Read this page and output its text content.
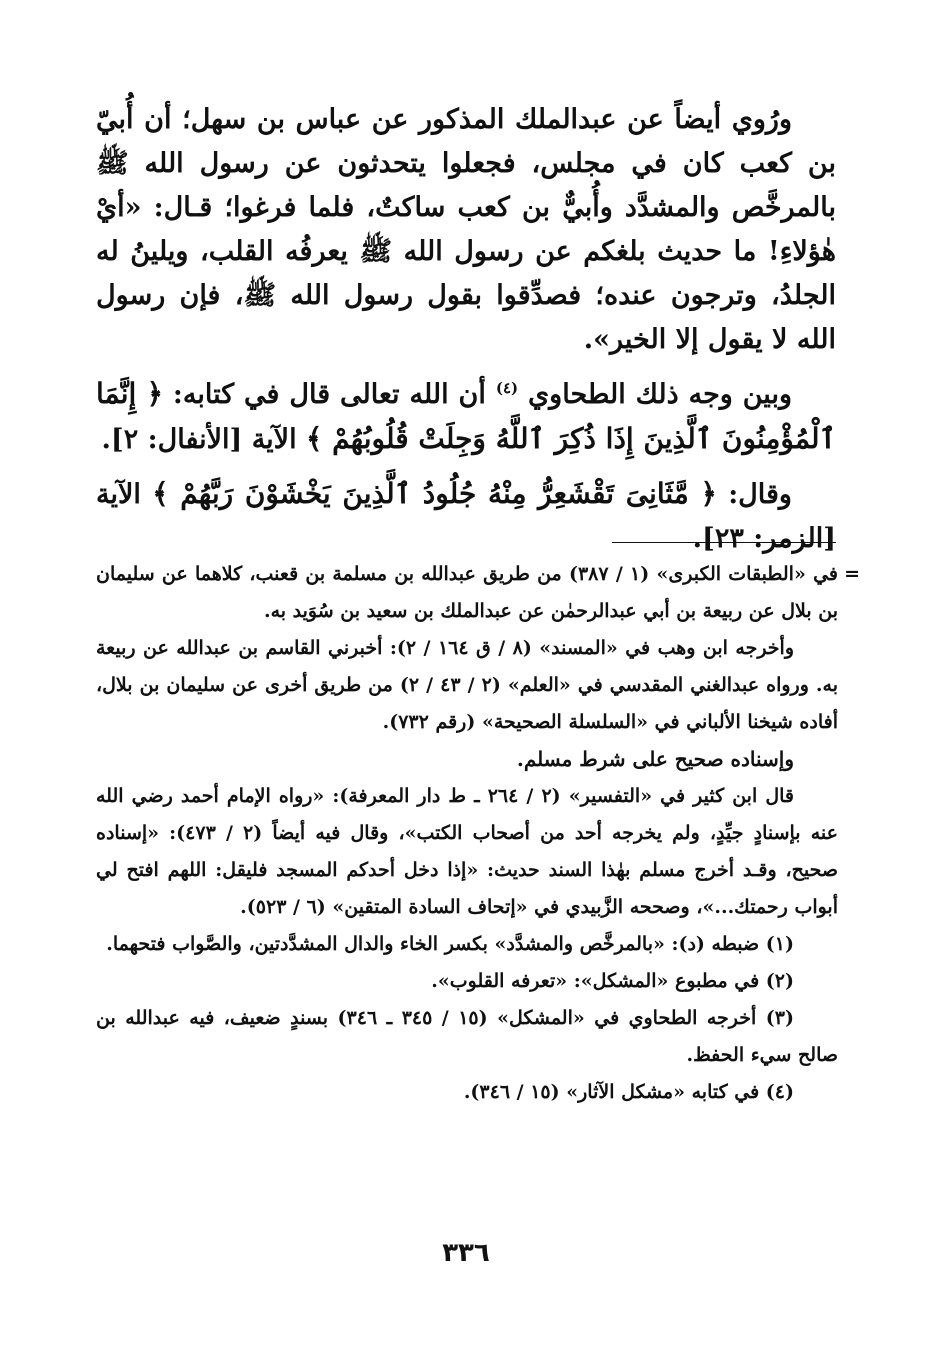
ورُوي أيضاً عن عبدالملك المذكور عن عباس بن سهل؛ أن أُبيّ بن كعب كان في مجلس، فجعلوا يتحدثون عن رسول الله ﷺ بالمرخَّص والمشدَّد وأُبيٌّ بن كعب ساكتٌ، فلما فرغوا؛ قـال: «أيْ هٰؤلاءِ! ما حديث بلغكم عن رسول الله ﷺ يعرفُه القلب، ويلينُ له الجلدُ، وترجون عنده؛ فصدِّقوا بقول رسول الله ﷺ، فإن رسول الله لا يقول إلا الخير».

وبين وجه ذلك الطحاوي $^{(٤)}$ أن الله تعالى قال في كتابه: ﴿ إِنَّمَا ٱلْمُؤْمِنُونَ ٱلَّذِينَ إِذَا ذُكِرَ ٱللَّهُ وَجِلَتْ قُلُوبُهُمْ ﴾ الآية [الأنفال: ٢].

وقال: ﴿ مَّثَانِىَ تَقْشَعِرُّ مِنْهُ جُلُودُ ٱلَّذِينَ يَخْشَوْنَ رَبَّهُمْ ﴾ الآية [الزمر: ٢٣].

=
في «الطبقات الكبرى» (١ / ٣٨٧) من طريق عبدالله بن مسلمة بن قعنب، كلاهما عن سليمان بن بلال عن ربيعة بن أبي عبدالرحمٰن عن عبدالملك بن سعيد بن سُوَيد به.

وأخرجه ابن وهب في «المسند» (٨ / ق ١٦٤ / ٢): أخبرني القاسم بن عبدالله عن ربيعة به. ورواه عبدالغني المقدسي في «العلم» (٢ / ٤٣ / ٢) من طريق أخرى عن سليمان بن بلال، أفاده شيخنا الألباني في «السلسلة الصحيحة» (رقم ٧٣٢).

وإسناده صحيح على شرط مسلم.

قال ابن كثير في «التفسير» (٢ / ٢٦٤ ـ ط دار المعرفة): «رواه الإمام أحمد رضي الله عنه بإسنادٍ جيِّدٍ، ولم يخرجه أحد من أصحاب الكتب»، وقال فيه أيضاً (٢ / ٤٧٣): «إسناده صحيح، وقـد أخرج مسلم بهٰذا السند حديث: «إذا دخل أحدكم المسجد فليقل: اللهم افتح لي أبواب رحمتك...»، وصححه الزَّبيدي في «إتحاف السادة المتقين» (٦ / ٥٢٣).

(١) ضبطه (د): «بالمرخَّص والمشدَّد» بكسر الخاء والدال المشدَّدتين، والصَّواب فتحهما.

(٢) في مطبوع «المشكل»: «تعرفه القلوب».

(٣) أخرجه الطحاوي في «المشكل» (١٥ / ٣٤٥ ـ ٣٤٦) بسندٍ ضعيف، فيه عبدالله بن صالح سيء الحفظ.

(٤) في كتابه «مشكل الآثار» (١٥ / ٣٤٦).

٣٣٦
